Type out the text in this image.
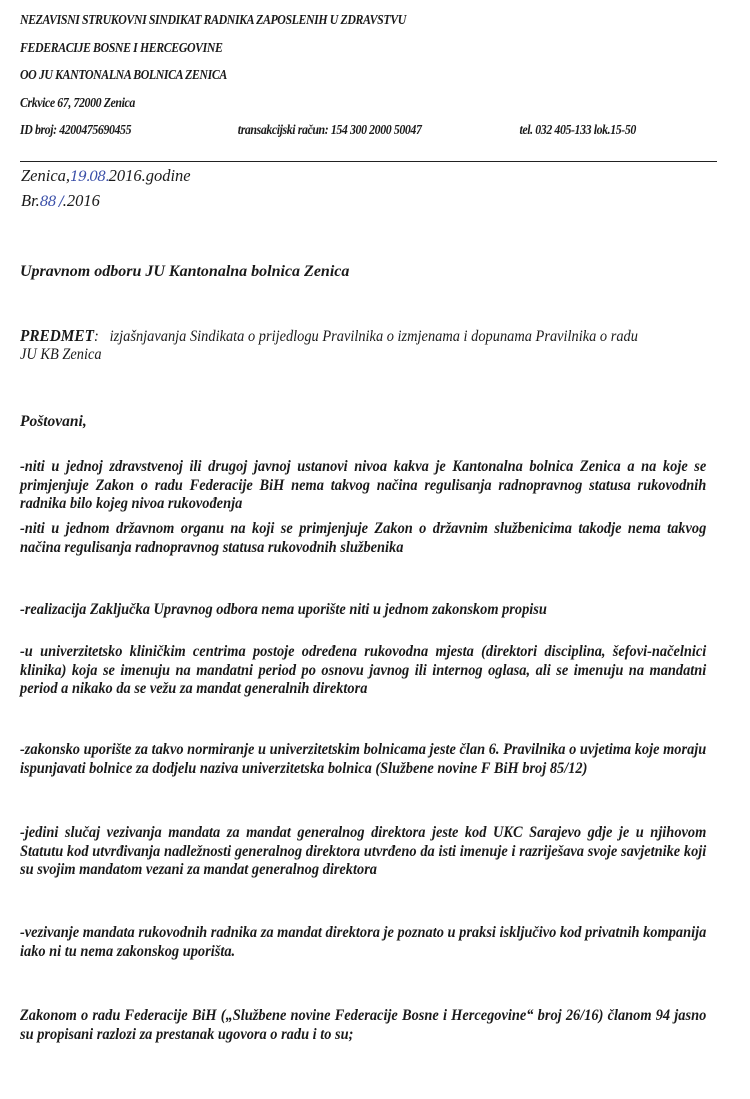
NEZAVISNI STRUKOVNI SINDIKAT RADNIKA ZAPOSLENIH U ZDRAVSTVU
FEDERACIJE BOSNE I HERCEGOVINE
OO JU KANTONALNA BOLNICA ZENICA
Crkvice 67, 72000 Zenica
ID broj: 4200475690455	transakcijski račun: 154 300 2000 50047	tel. 032 405-133 lok.15-50
Zenica,19.08.2016.godine
Br.88 /.2016
Upravnom odboru JU Kantonalna bolnica Zenica
PREDMET: izjašnjavanja Sindikata o prijedlogu Pravilnika o izmjenama i dopunama Pravilnika o radu JU KB Zenica
Poštovani,
-niti u jednoj zdravstvenoj ili drugoj javnoj ustanovi nivoa kakva je Kantonalna bolnica Zenica a na koje se primjenjuje Zakon o radu Federacije BiH nema takvog načina regulisanja radnopravnog statusa rukovodnih radnika bilo kojeg nivoa rukovođenja
-niti u jednom državnom organu na koji se primjenjuje Zakon o državnim službenicima takodje nema takvog načina regulisanja radnopravnog statusa rukovodnih službenika
-realizacija Zaključka Upravnog odbora nema uporište niti u jednom zakonskom propisu
-u univerzitetsko kliničkim centrima postoje određena rukovodna mjesta (direktori disciplina, šefovi-načelnici klinika) koja se imenuju na mandatni period po osnovu javnog ili internog oglasa, ali se imenuju na mandatni period a nikako da se vežu za mandat generalnih direktora
-zakonsko uporište za takvo normiranje u univerzitetskim bolnicama jeste član 6. Pravilnika o uvjetima koje moraju ispunjavati bolnice za dodjelu naziva univerzitetska bolnica (Službene novine F BiH broj 85/12)
-jedini slučaj vezivanja mandata za mandat generalnog direktora jeste kod UKC Sarajevo gdje je u njihovom Statutu kod utvrđivanja nadležnosti generalnog direktora utvrđeno da isti imenuje i razriješava svoje savjetnike koji su svojim mandatom vezani za mandat generalnog direktora
-vezivanje mandata rukovodnih radnika za mandat direktora je poznato u praksi isključivo kod privatnih kompanija iako ni tu nema zakonskog uporišta.
Zakonom o radu Federacije BiH („Službene novine Federacije Bosne i Hercegovine“ broj 26/16) članom 94 jasno su propisani razlozi za prestanak ugovora o radu i to su;
